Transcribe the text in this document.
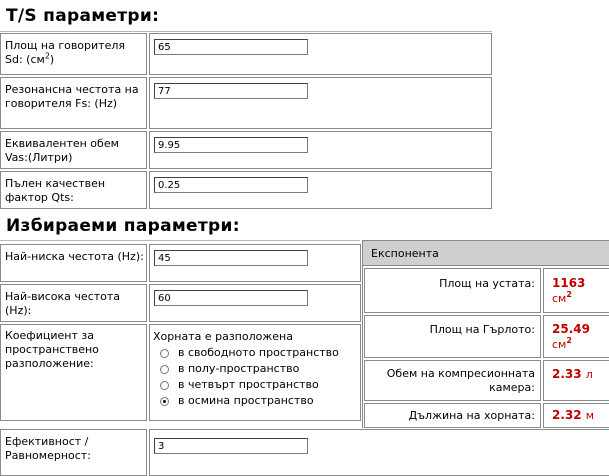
T/S параметри:
Площ на говорителя Sd: $(см^2)$
65
Резонансна честота на говорителя Fs: (Hz)
77
Еквивалентен обем Vas:(Литри)
9.95
Пълен качествен фактор Qts:
0.25
Избираеми параметри:
Най-ниска честота (Hz):
45
Най-висока честота (Hz):
60
Коефициент за пространствено разположение:
Хорната е разположена
в свободното пространство
в полу-пространство
в четвърт пространство
в осмина пространство
Ефективност / Равномерност:
3
Експонента
Площ на устата: 1163
$см^2$
Площ на Гърлото: 25.49
$см^2$
Обем на компресионната камера:
2.33 л
Дължина на хорната: 2.32 м
